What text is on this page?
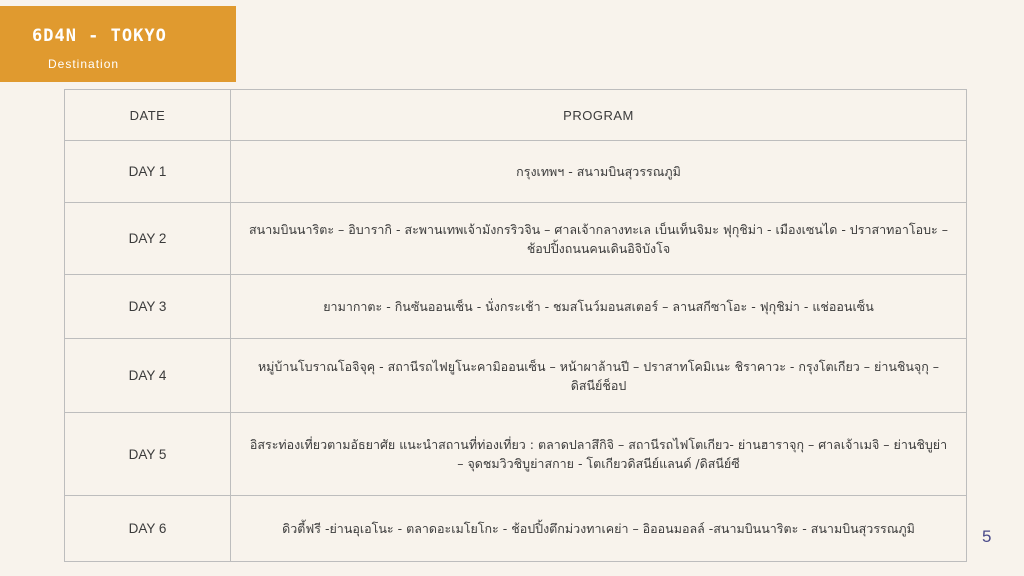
6D4N - TOKYO
Destination
DATE	PROGRAM
DAY 1	กรุงเทพฯ - สนามบินสุวรรณภูมิ
DAY 2	สนามบินนาริตะ – อิบารากิ - สะพานเทพเจ้ามังกรริวจิน – ศาลเจ้ากลางทะเล เบ็นเท็นจิมะ ฟุกุชิม่า - เมืองเซนได - ปราสาทอาโอบะ – ช้อปปิ้งถนนคนเดินอิจิบังโจ
DAY 3	ยามากาตะ - กินซันออนเซ็น - นั่งกระเช้า - ชมสโนว์มอนสเตอร์ – ลานสกีซาโอะ - ฟุกุชิม่า - แช่ออนเซ็น
DAY 4	หมู่บ้านโบราณโอจิจุคุ - สถานีรถไฟยูโนะคามิออนเซ็น – หน้าผาล้านปี – ปราสาทโคมิเนะ ชิราคาวะ - กรุงโตเกียว – ย่านชินจุกุ – ดิสนีย์ช็อป
DAY 5	อิสระท่องเที่ยวตามอัธยาศัย แนะนำสถานที่ท่องเที่ยว : ตลาดปลาสึกิจิ – สถานีรถไฟโตเกียว- ย่านฮาราจุกุ – ศาลเจ้าเมจิ – ย่านชิบูย่า – จุดชมวิวชิบูย่าสกาย - โตเกียวดิสนีย์แลนด์ /ดิสนีย์ซี
DAY 6	ดิวตี้ฟรี -ย่านอุเอโนะ - ตลาดอะเมโยโกะ - ช้อปปิ้งตึกม่วงทาเคย่า – อิออนมอลล์ -สนามบินนาริตะ - สนามบินสุวรรณภูมิ	5
